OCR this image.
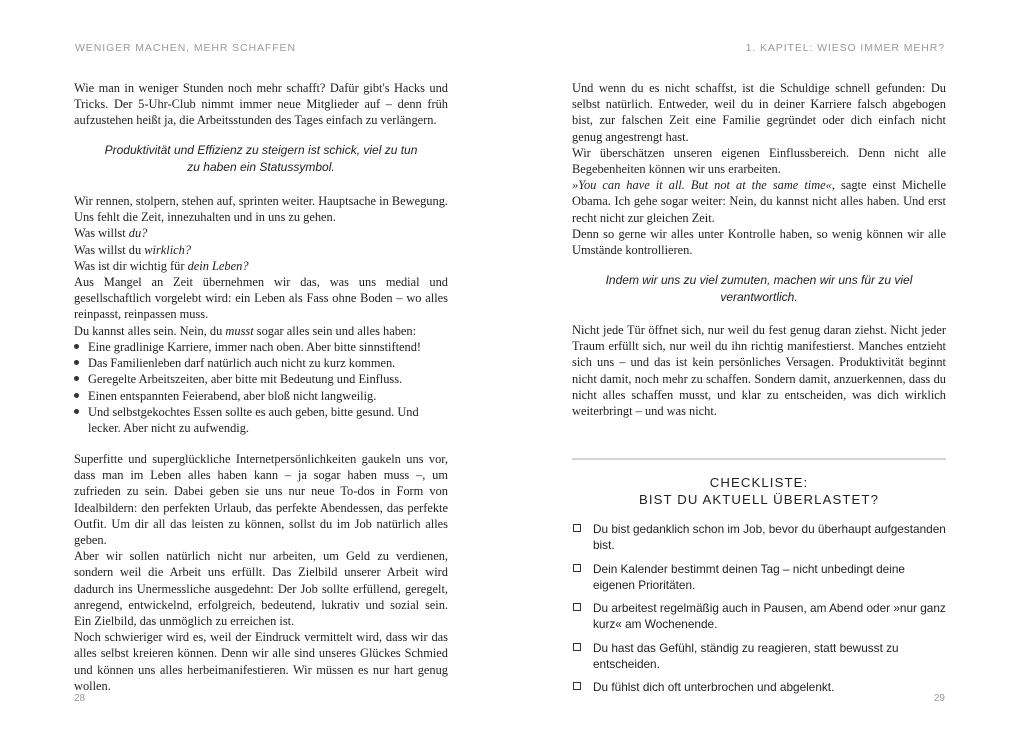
WENIGER MACHEN, MEHR SCHAFFEN

Wie man in weniger Stunden noch mehr schafft? Dafür gibt's Hacks und Tricks. Der 5-Uhr-Club nimmt immer neue Mitglieder auf – denn früh aufzustehen heißt ja, die Arbeitsstunden des Tages einfach zu verlängern.

Produktivität und Effizienz zu steigern ist schick, viel zu tun zu haben ein Statussymbol.

Wir rennen, stolpern, stehen auf, sprinten weiter. Hauptsache in Bewegung. Uns fehlt die Zeit, innezuhalten und in uns zu gehen.

Was willst du?

Was willst du wirklich?

Was ist dir wichtig für dein Leben?

Aus Mangel an Zeit übernehmen wir das, was uns medial und gesellschaftlich vorgelebt wird: ein Leben als Fass ohne Boden – wo alles reinpasst, reinpassen muss.

Du kannst alles sein. Nein, du musst sogar alles sein und alles haben:

Eine gradlinige Karriere, immer nach oben. Aber bitte sinnstiftend!
Das Familienleben darf natürlich auch nicht zu kurz kommen.
Geregelte Arbeitszeiten, aber bitte mit Bedeutung und Einfluss.
Einen entspannten Feierabend, aber bloß nicht langweilig.
Und selbstgekochtes Essen sollte es auch geben, bitte gesund. Und lecker. Aber nicht zu aufwendig.

Superfitte und superglückliche Internetpersönlichkeiten gaukeln uns vor, dass man im Leben alles haben kann – ja sogar haben muss –, um zufrieden zu sein. Dabei geben sie uns nur neue To-dos in Form von Idealbildern: den perfekten Urlaub, das perfekte Abendessen, das perfekte Outfit. Um dir all das leisten zu können, sollst du im Job natürlich alles geben.

Aber wir sollen natürlich nicht nur arbeiten, um Geld zu verdienen, sondern weil die Arbeit uns erfüllt. Das Zielbild unserer Arbeit wird dadurch ins Unermessliche ausgedehnt: Der Job sollte erfüllend, geregelt, anregend, entwickelnd, erfolgreich, bedeutend, lukrativ und sozial sein. Ein Zielbild, das unmöglich zu erreichen ist.

Noch schwieriger wird es, weil der Eindruck vermittelt wird, dass wir das alles selbst kreieren können. Denn wir alle sind unseres Glückes Schmied und können uns alles herbeimanifestieren. Wir müssen es nur hart genug wollen.

28
1. KAPITEL: WIESO IMMER MEHR?

Und wenn du es nicht schaffst, ist die Schuldige schnell gefunden: Du selbst natürlich. Entweder, weil du in deiner Karriere falsch abgebogen bist, zur falschen Zeit eine Familie gegründet oder dich einfach nicht genug angestrengt hast.

Wir überschätzen unseren eigenen Einflussbereich. Denn nicht alle Begebenheiten können wir uns erarbeiten.

»You can have it all. But not at the same time«, sagte einst Michelle Obama. Ich gehe sogar weiter: Nein, du kannst nicht alles haben. Und erst recht nicht zur gleichen Zeit.

Denn so gerne wir alles unter Kontrolle haben, so wenig können wir alle Umstände kontrollieren.

Indem wir uns zu viel zumuten, machen wir uns für zu viel verantwortlich.

Nicht jede Tür öffnet sich, nur weil du fest genug daran ziehst. Nicht jeder Traum erfüllt sich, nur weil du ihn richtig manifestierst. Manches entzieht sich uns – und das ist kein persönliches Versagen. Produktivität beginnt nicht damit, noch mehr zu schaffen. Sondern damit, anzuerkennen, dass du nicht alles schaffen musst, und klar zu entscheiden, was dich wirklich weiterbringt – und was nicht.

CHECKLISTE:
BIST DU AKTUELL ÜBERLASTET?
Du bist gedanklich schon im Job, bevor du überhaupt aufgestanden bist.
Dein Kalender bestimmt deinen Tag – nicht unbedingt deine eigenen Prioritäten.
Du arbeitest regelmäßig auch in Pausen, am Abend oder »nur ganz kurz« am Wochenende.
Du hast das Gefühl, ständig zu reagieren, statt bewusst zu entscheiden.
Du fühlst dich oft unterbrochen und abgelenkt.
29
